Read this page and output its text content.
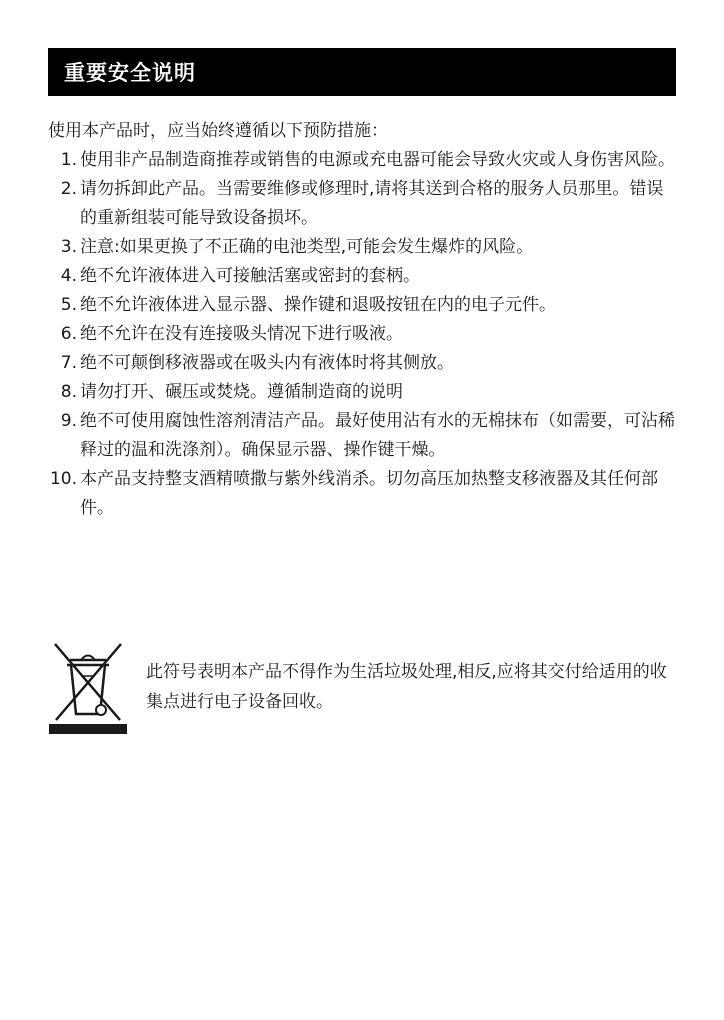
重要安全说明
使用本产品时，应当始终遵循以下预防措施：
1. 使用非产品制造商推荐或销售的电源或充电器可能会导致火灾或人身伤害风险。
2. 请勿拆卸此产品。当需要维修或修理时,请将其送到合格的服务人员那里。错误的重新组装可能导致设备损坏。
3. 注意:如果更换了不正确的电池类型,可能会发生爆炸的风险。
4. 绝不允许液体进入可接触活塞或密封的套柄。
5. 绝不允许液体进入显示器、操作键和退吸按钮在内的电子元件。
6. 绝不允许在没有连接吸头情况下进行吸液。
7. 绝不可颠倒移液器或在吸头内有液体时将其侧放。
8. 请勿打开、碾压或焚烧。遵循制造商的说明
9. 绝不可使用腐蚀性溶剂清洁产品。最好使用沾有水的无棉抹布（如需要，可沾稀释过的温和洗涤剂）。确保显示器、操作键干燥。
10. 本产品支持整支酒精喷撒与紫外线消杀。切勿高压加热整支移液器及其任何部件。
此符号表明本产品不得作为生活垃圾处理,相反,应将其交付给适用的收集点进行电子设备回收。
